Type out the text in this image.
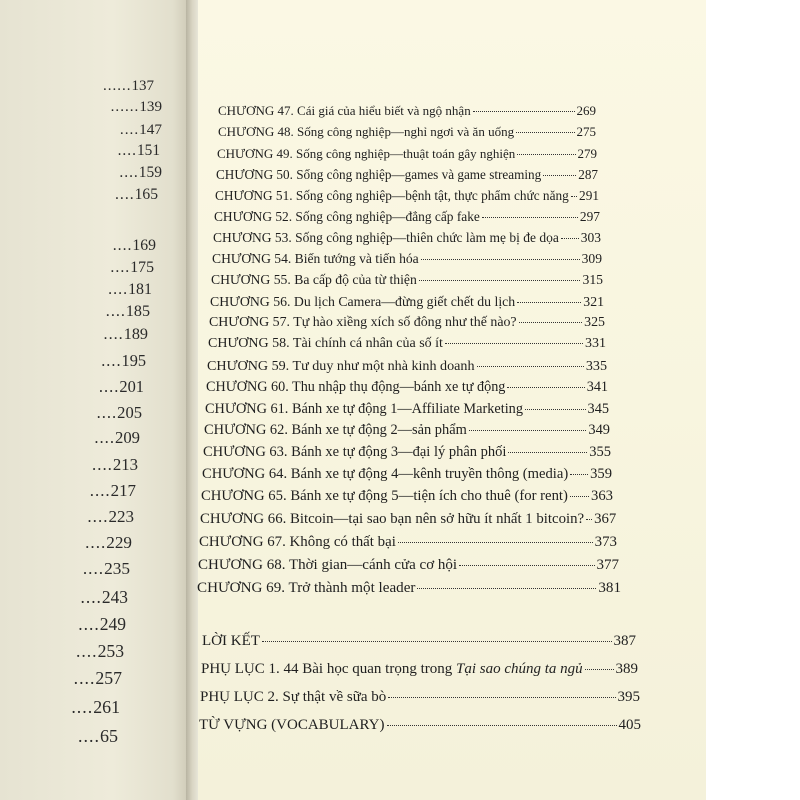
......137
......139
....147
....151
....159
....165
....169
....175
....181
....185
....189
....195
....201
....205
....209
....213
....217
....223
....229
....235
....243
....249
....253
....257
....261
....65
CHƯƠNG 47. Cái giá của hiểu biết và ngộ nhận	269
CHƯƠNG 48. Sống công nghiệp—nghỉ ngơi và ăn uống	275
CHƯƠNG 49. Sống công nghiệp—thuật toán gây nghiện	279
CHƯƠNG 50. Sống công nghiệp—games và game streaming	287
CHƯƠNG 51. Sống công nghiệp—bệnh tật, thực phẩm chức năng 291
CHƯƠNG 52. Sống công nghiệp—đẳng cấp fake	297
CHƯƠNG 53. Sống công nghiệp—thiên chức làm mẹ bị đe dọa 303
CHƯƠNG 54. Biến tướng và tiến hóa	309
CHƯƠNG 55. Ba cấp độ của từ thiện	315
CHƯƠNG 56. Du lịch Camera—đừng giết chết du lịch	321
CHƯƠNG 57. Tự hào xiềng xích số đông như thế nào?	325
CHƯƠNG 58. Tài chính cá nhân của số ít	331
CHƯƠNG 59. Tư duy như một nhà kinh doanh	335
CHƯƠNG 60. Thu nhập thụ động—bánh xe tự động	341
CHƯƠNG 61. Bánh xe tự động 1—Affiliate Marketing	345
CHƯƠNG 62. Bánh xe tự động 2—sản phẩm	349
CHƯƠNG 63. Bánh xe tự động 3—đại lý phân phối	355
CHƯƠNG 64. Bánh xe tự động 4—kênh truyền thông (media) 359
CHƯƠNG 65. Bánh xe tự động 5—tiện ích cho thuê (for rent) 363
CHƯƠNG 66. Bitcoin—tại sao bạn nên sở hữu ít nhất 1 bitcoin? 367
CHƯƠNG 67. Không có thất bại	373
CHƯƠNG 68. Thời gian—cánh cửa cơ hội	377
CHƯƠNG 69. Trở thành một leader	381
LỜI KẾT	387
PHỤ LỤC 1. 44 Bài học quan trọng trong Tại sao chúng ta ngủ 389
PHỤ LỤC 2. Sự thật về sữa bò	395
TỪ VỰNG (VOCABULARY)	405
